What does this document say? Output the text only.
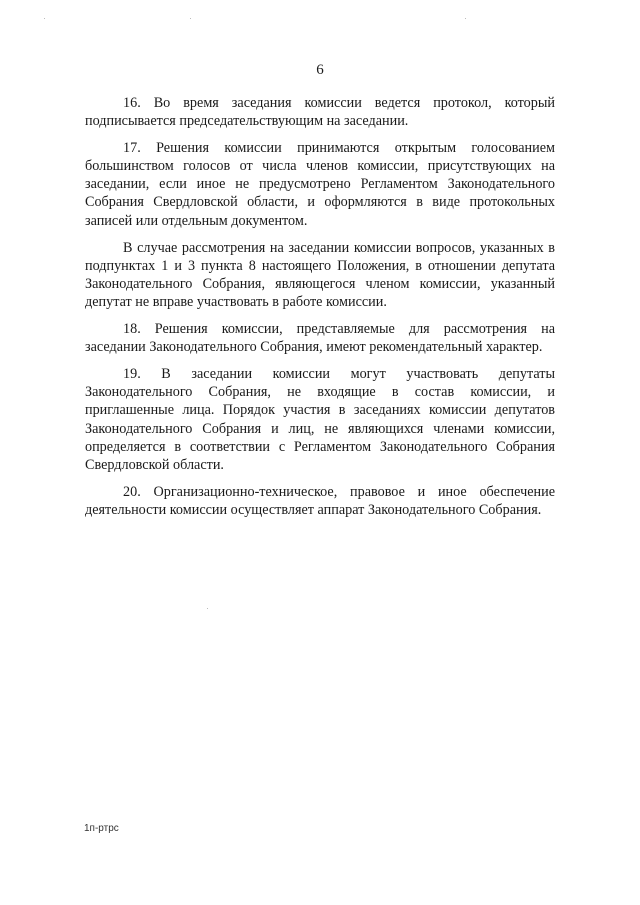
6

16. Во время заседания комиссии ведется протокол, который подписывается председательствующим на заседании.

17. Решения комиссии принимаются открытым голосованием большинством голосов от числа членов комиссии, присутствующих на заседании, если иное не предусмотрено Регламентом Законодательного Собрания Свердловской области, и оформляются в виде протокольных записей или отдельным документом.

В случае рассмотрения на заседании комиссии вопросов, указанных в подпунктах 1 и 3 пункта 8 настоящего Положения, в отношении депутата Законодательного Собрания, являющегося членом комиссии, указанный депутат не вправе участвовать в работе комиссии.

18. Решения комиссии, представляемые для рассмотрения на заседании Законодательного Собрания, имеют рекомендательный характер.

19. В заседании комиссии могут участвовать депутаты Законодательного Собрания, не входящие в состав комиссии, и приглашенные лица. Порядок участия в заседаниях комиссии депутатов Законодательного Собрания и лиц, не являющихся членами комиссии, определяется в соответствии с Регламентом Законодательного Собрания Свердловской области.

20. Организационно-техническое, правовое и иное обеспечение деятельности комиссии осуществляет аппарат Законодательного Собрания.

1п-ртрс
